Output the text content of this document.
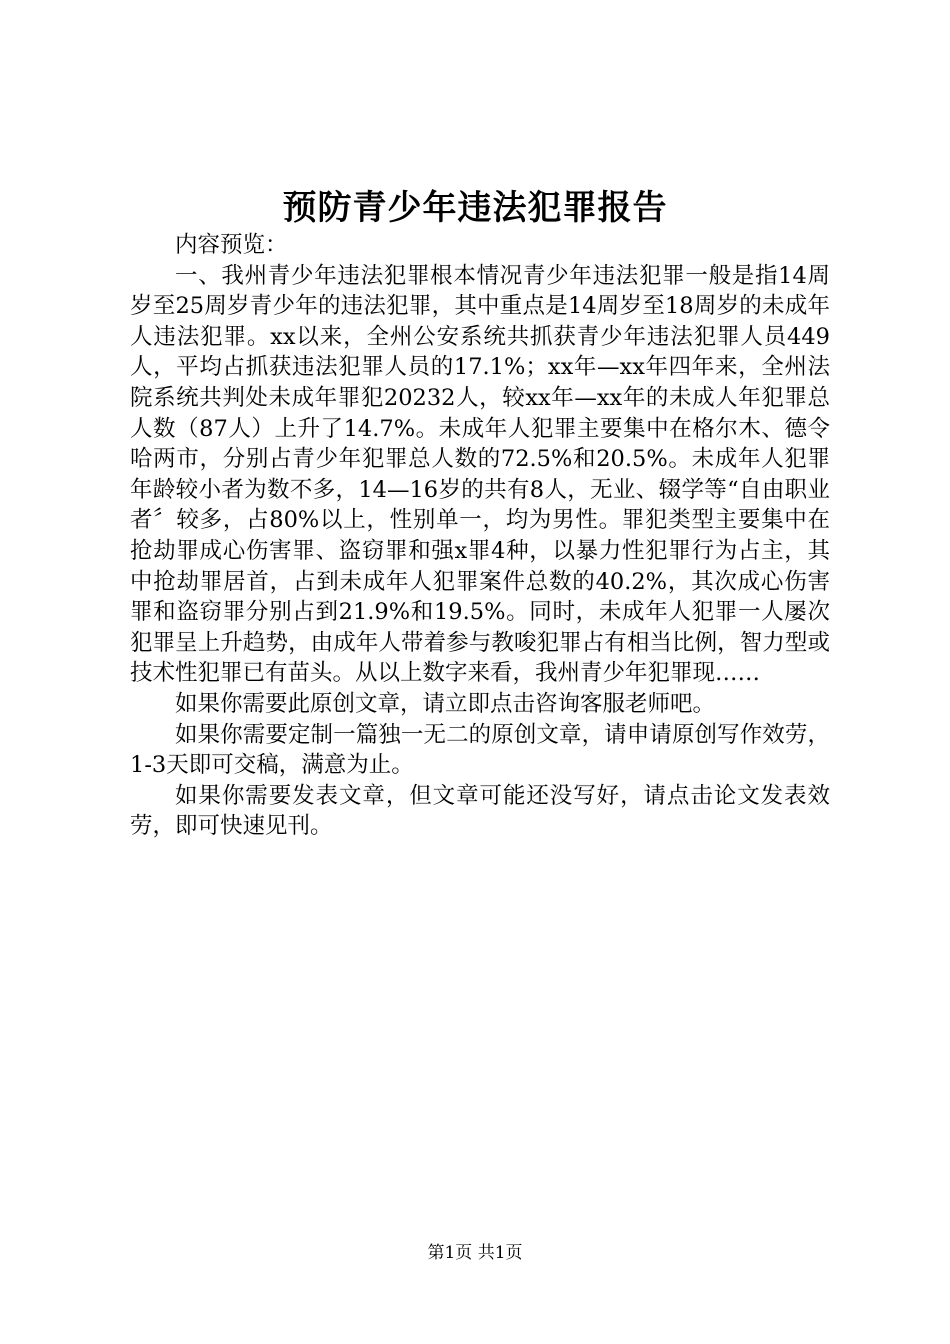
预防青少年违法犯罪报告

内容预览：

一、我州青少年违法犯罪根本情况青少年违法犯罪一般是指14周岁至25周岁青少年的违法犯罪，其中重点是14周岁至18周岁的未成年人违法犯罪。xx以来，全州公安系统共抓获青少年违法犯罪人员449人，平均占抓获违法犯罪人员的17.1%；xx年—xx年四年来，全州法院系统共判处未成年罪犯20232人，较xx年—xx年的未成人年犯罪总人数（87人）上升了14.7%。未成年人犯罪主要集中在格尔木、德令哈两市，分别占青少年犯罪总人数的72.5%和20.5%。未成年人犯罪年龄较小者为数不多，14—16岁的共有8人，无业、辍学等“自由职业者〞较多，占80%以上，性别单一，均为男性。罪犯类型主要集中在抢劫罪成心伤害罪、盗窃罪和强x罪4种，以暴力性犯罪行为占主，其中抢劫罪居首，占到未成年人犯罪案件总数的40.2%，其次成心伤害罪和盗窃罪分别占到21.9%和19.5%。同时，未成年人犯罪一人屡次犯罪呈上升趋势，由成年人带着参与教唆犯罪占有相当比例，智力型或技术性犯罪已有苗头。从以上数字来看，我州青少年犯罪现……

如果你需要此原创文章，请立即点击咨询客服老师吧。

如果你需要定制一篇独一无二的原创文章，请申请原创写作效劳，1-3天即可交稿，满意为止。

如果你需要发表文章，但文章可能还没写好，请点击论文发表效劳，即可快速见刊。

第1页 共1页
